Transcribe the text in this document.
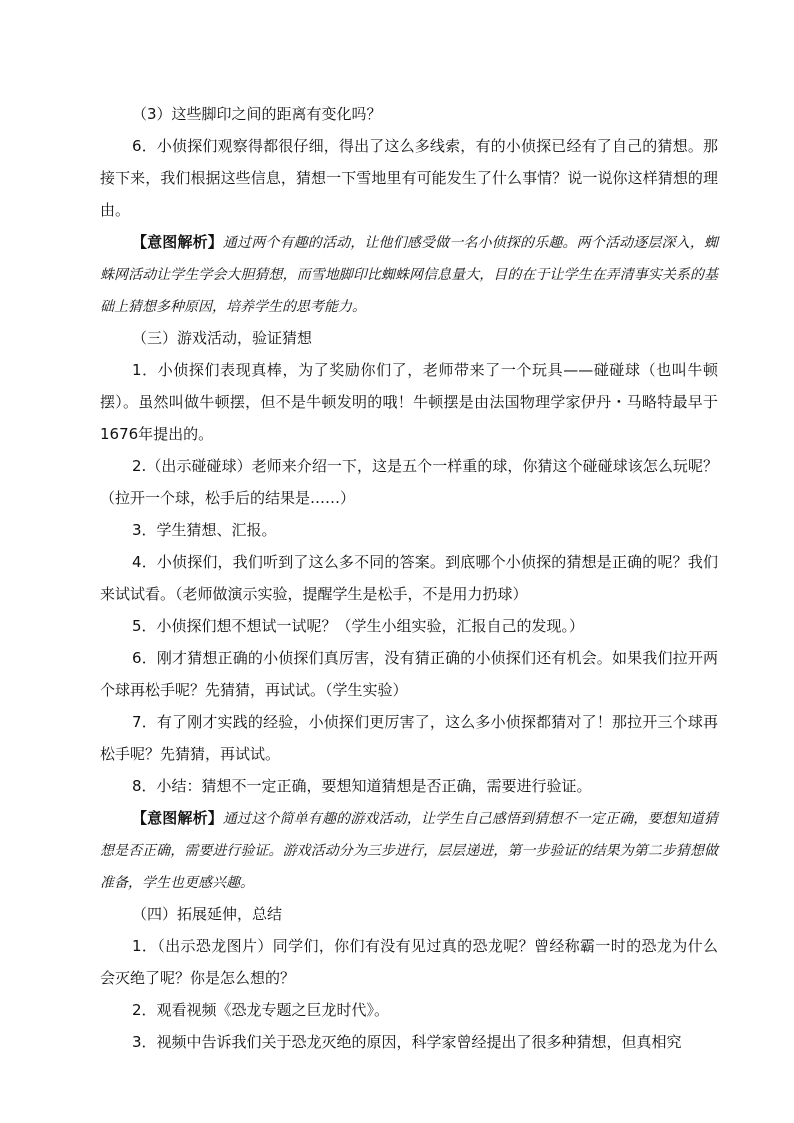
（3）这些脚印之间的距离有变化吗？

6．小侦探们观察得都很仔细，得出了这么多线索，有的小侦探已经有了自己的猜想。那接下来，我们根据这些信息，猜想一下雪地里有可能发生了什么事情？说一说你这样猜想的理由。

【意图解析】通过两个有趣的活动，让他们感受做一名小侦探的乐趣。两个活动逐层深入，蜘蛛网活动让学生学会大胆猜想，而雪地脚印比蜘蛛网信息量大，目的在于让学生在弄清事实关系的基础上猜想多种原因，培养学生的思考能力。

（三）游戏活动，验证猜想

1．小侦探们表现真棒，为了奖励你们了，老师带来了一个玩具——碰碰球（也叫牛顿摆）。虽然叫做牛顿摆，但不是牛顿发明的哦！牛顿摆是由法国物理学家伊丹・马略特最早于1676年提出的。

2.（出示碰碰球）老师来介绍一下，这是五个一样重的球，你猜这个碰碰球该怎么玩呢？（拉开一个球，松手后的结果是……）

3．学生猜想、汇报。

4．小侦探们，我们听到了这么多不同的答案。到底哪个小侦探的猜想是正确的呢？我们来试试看。（老师做演示实验，提醒学生是松手，不是用力扔球）

5．小侦探们想不想试一试呢？（学生小组实验，汇报自己的发现。）

6．刚才猜想正确的小侦探们真厉害，没有猜正确的小侦探们还有机会。如果我们拉开两个球再松手呢？先猜猜，再试试。（学生实验）

7．有了刚才实践的经验，小侦探们更厉害了，这么多小侦探都猜对了！那拉开三个球再松手呢？先猜猜，再试试。

8．小结：猜想不一定正确，要想知道猜想是否正确，需要进行验证。

【意图解析】通过这个简单有趣的游戏活动，让学生自己感悟到猜想不一定正确，要想知道猜想是否正确，需要进行验证。游戏活动分为三步进行，层层递进，第一步验证的结果为第二步猜想做准备，学生也更感兴趣。

（四）拓展延伸，总结

1．（出示恐龙图片）同学们，你们有没有见过真的恐龙呢？曾经称霸一时的恐龙为什么会灭绝了呢？你是怎么想的？

2．观看视频《恐龙专题之巨龙时代》。

3．视频中告诉我们关于恐龙灭绝的原因，科学家曾经提出了很多种猜想，但真相究
